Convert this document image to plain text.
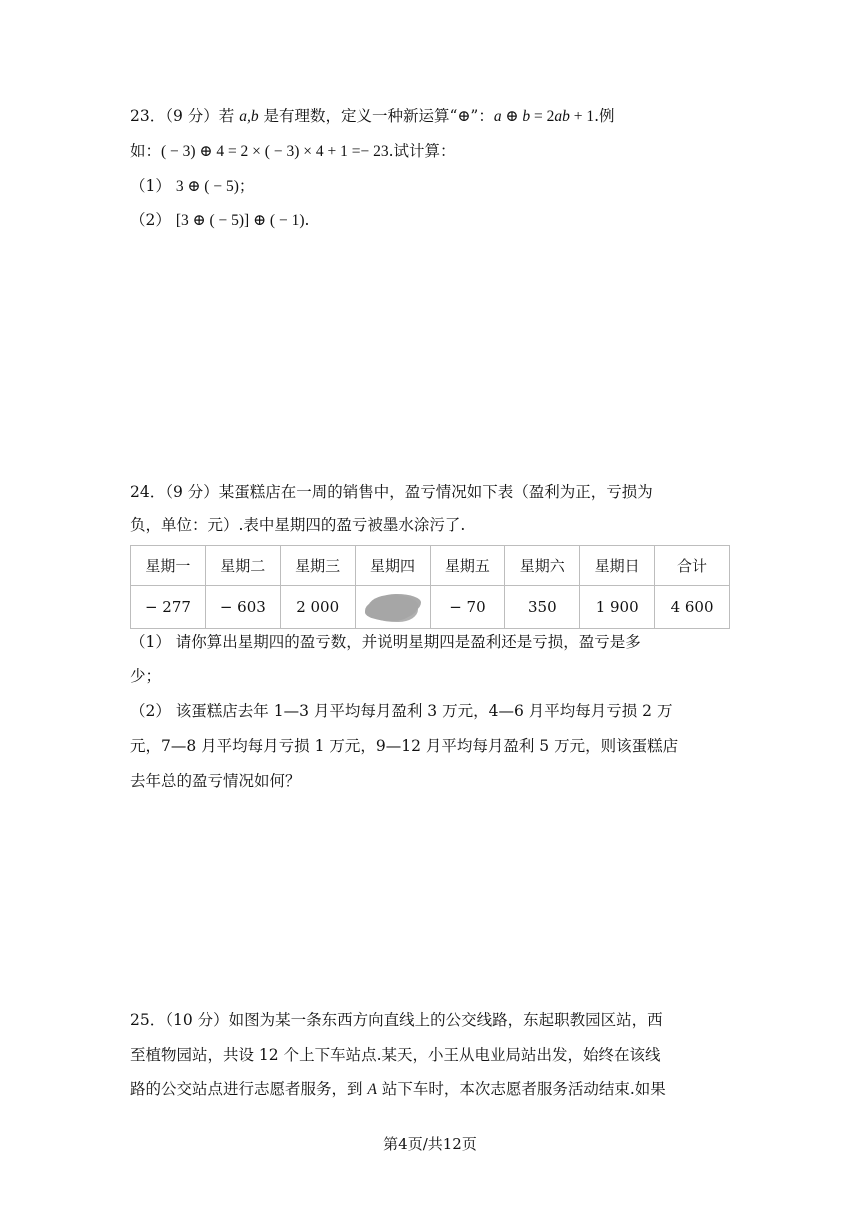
23．（9 分）若 a,b 是有理数，定义一种新运算“⊕”：a ⊕ b = 2ab + 1.例
如：( − 3) ⊕ 4 = 2 × ( − 3) × 4 + 1 =− 23.试计算：
（1） 3 ⊕ ( − 5)；
（2） [3 ⊕ ( − 5)] ⊕ ( − 1).
24．（9 分）某蛋糕店在一周的销售中，盈亏情况如下表（盈利为正，亏损为
负，单位：元）.表中星期四的盈亏被墨水涂污了.
星期一	星期二	星期三	星期四	星期五	星期六	星期日	合计
− 277	− 603	2 000		− 70	350	1 900	4 600
（1） 请你算出星期四的盈亏数，并说明星期四是盈利还是亏损，盈亏是多
少；
（2） 该蛋糕店去年 1—3 月平均每月盈利 3 万元，4—6 月平均每月亏损 2 万
元，7—8 月平均每月亏损 1 万元，9—12 月平均每月盈利 5 万元，则该蛋糕店
去年总的盈亏情况如何？
25．（10 分）如图为某一条东西方向直线上的公交线路，东起职教园区站，西
至植物园站，共设 12 个上下车站点.某天，小王从电业局站出发，始终在该线
路的公交站点进行志愿者服务，到 A 站下车时，本次志愿者服务活动结束.如果
第4页/共12页
